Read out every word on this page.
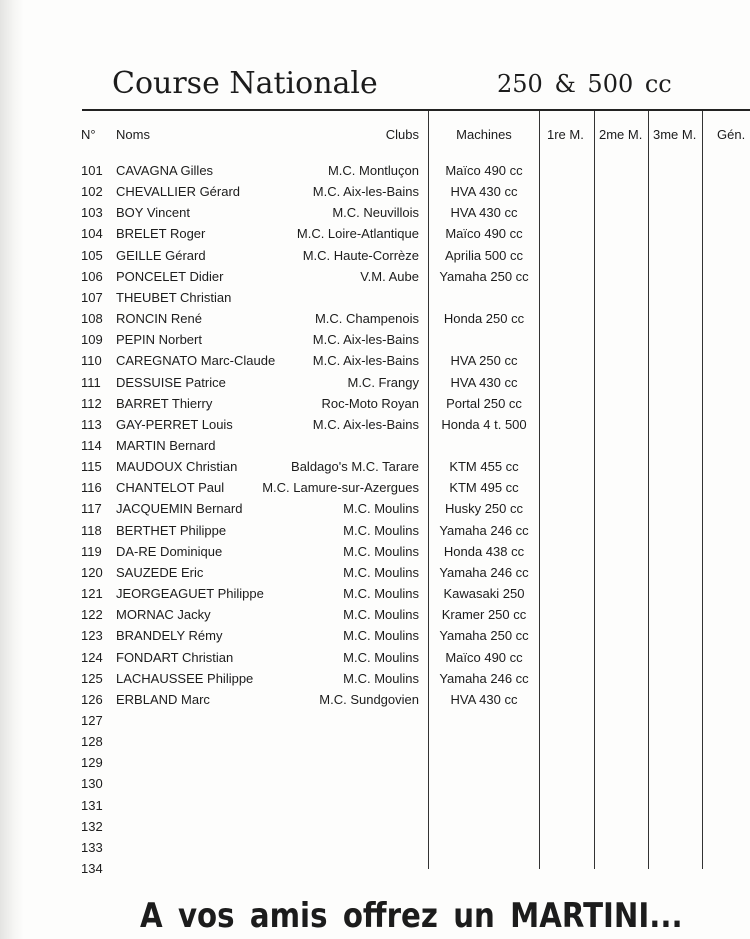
Course Nationale	250 & 500 cc
N° Noms	Clubs	Machines	1re M. 2me M. 3me M. Gén.
101 CAVAGNA Gilles	M.C. Montluçon	Maïco 490 cc
102 CHEVALLIER Gérard	M.C. Aix-les-Bains	HVA 430 cc
103 BOY Vincent	M.C. Neuvillois	HVA 430 cc
104 BRELET Roger	M.C. Loire-Atlantique	Maïco 490 cc
105 GEILLE Gérard	M.C. Haute-Corrèze	Aprilia 500 cc
106 PONCELET Didier	V.M. Aube	Yamaha 250 cc
107 THEUBET Christian
108 RONCIN René	M.C. Champenois	Honda 250 cc
109 PEPIN Norbert	M.C. Aix-les-Bains
110 CAREGNATO Marc-Claude	M.C. Aix-les-Bains	HVA 250 cc
111 DESSUISE Patrice	M.C. Frangy	HVA 430 cc
112 BARRET Thierry	Roc-Moto Royan	Portal 250 cc
113 GAY-PERRET Louis	M.C. Aix-les-Bains	Honda 4 t. 500
114 MARTIN Bernard
115 MAUDOUX Christian	Baldago's M.C. Tarare	KTM 455 cc
116 CHANTELOT Paul	M.C. Lamure-sur-Azergues	KTM 495 cc
117 JACQUEMIN Bernard	M.C. Moulins	Husky 250 cc
118 BERTHET Philippe	M.C. Moulins	Yamaha 246 cc
119 DA-RE Dominique	M.C. Moulins	Honda 438 cc
120 SAUZEDE Eric	M.C. Moulins	Yamaha 246 cc
121 JEORGEAGUET Philippe	M.C. Moulins	Kawasaki 250
122 MORNAC Jacky	M.C. Moulins	Kramer 250 cc
123 BRANDELY Rémy	M.C. Moulins	Yamaha 250 cc
124 FONDART Christian	M.C. Moulins	Maïco 490 cc
125 LACHAUSSEE Philippe	M.C. Moulins	Yamaha 246 cc
126 ERBLAND Marc	M.C. Sundgovien	HVA 430 cc
127
128
129
130
131
132
133
134
A vos amis offrez un MARTINI...
